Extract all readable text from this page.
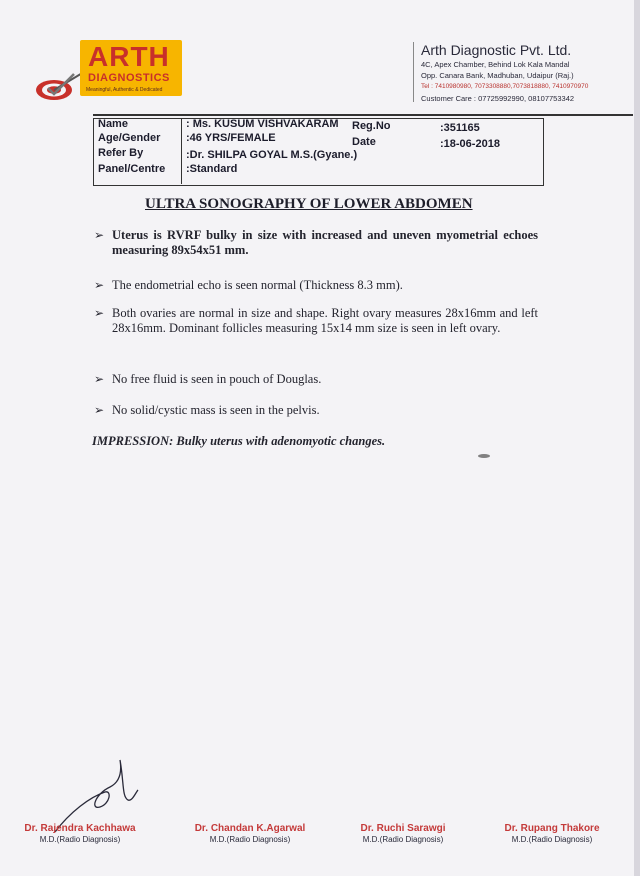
ARTH
DIAGNOSTICS
Meaningful, Authentic & Dedicated
Arth Diagnostic Pvt. Ltd.
4C, Apex Chamber, Behind Lok Kala Mandal
Opp. Canara Bank, Madhuban, Udaipur (Raj.)
Tel : 7410980980, 7073308880,7073818880, 7410970970
Customer Care : 07725992990, 08107753342
Name
Age/Gender
Refer By
Panel/Centre
: Ms. KUSUM VISHVAKARAM
:46 YRS/FEMALE
:Dr. SHILPA GOYAL M.S.(Gyane.)
:Standard
Reg.No
Date
:351165
:18-06-2018
ULTRA SONOGRAPHY OF LOWER ABDOMEN
➢ Uterus is RVRF bulky in size with increased and uneven myometrial echoes measuring 89x54x51 mm.
➢ The endometrial echo is seen normal (Thickness 8.3 mm).
➢ Both ovaries are normal in size and shape. Right ovary measures 28x16mm and left 28x16mm. Dominant follicles measuring 15x14 mm size is seen in left ovary.
➢ No free fluid is seen in pouch of Douglas.
➢ No solid/cystic mass is seen in the pelvis.
IMPRESSION: Bulky uterus with adenomyotic changes.
Dr. Rajendra Kachhawa
M.D.(Radio Diagnosis)
Dr. Chandan K.Agarwal
M.D.(Radio Diagnosis)
Dr. Ruchi Sarawgi
M.D.(Radio Diagnosis)
Dr. Rupang Thakore
M.D.(Radio Diagnosis)
